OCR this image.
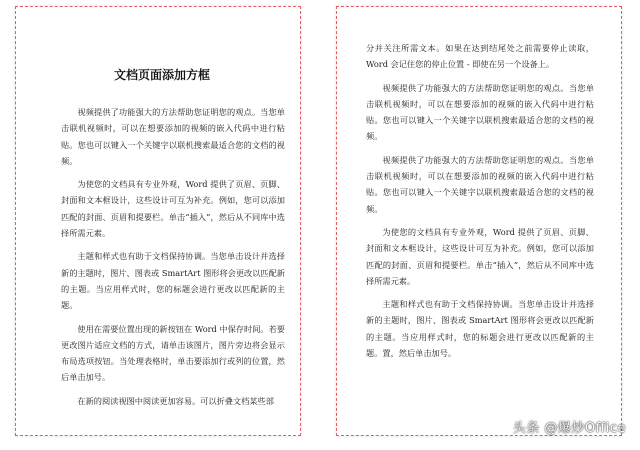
文档页面添加方框

视频提供了功能强大的方法帮助您证明您的观点。当您单击联机视频时，可以在想要添加的视频的嵌入代码中进行粘贴。您也可以键入一个关键字以联机搜索最适合您的文档的视频。

为使您的文档具有专业外观，Word 提供了页眉、页脚、封面和文本框设计，这些设计可互为补充。例如，您可以添加匹配的封面、页眉和提要栏。单击“插入”，然后从不同库中选择所需元素。

主题和样式也有助于文档保持协调。当您单击设计并选择新的主题时，图片、图表或 SmartArt 图形将会更改以匹配新的主题。当应用样式时，您的标题会进行更改以匹配新的主题。

使用在需要位置出现的新按钮在 Word 中保存时间。若要更改图片适应文档的方式，请单击该图片，图片旁边将会显示布局选项按钮。当处理表格时，单击要添加行或列的位置，然后单击加号。

在新的阅读视图中阅读更加容易。可以折叠文档某些部

分并关注所需文本。如果在达到结尾处之前需要停止读取，Word 会记住您的停止位置 - 即使在另一个设备上。

视频提供了功能强大的方法帮助您证明您的观点。当您单击联机视频时，可以在想要添加的视频的嵌入代码中进行粘贴。您也可以键入一个关键字以联机搜索最适合您的文档的视频。

视频提供了功能强大的方法帮助您证明您的观点。当您单击联机视频时，可以在想要添加的视频的嵌入代码中进行粘贴。您也可以键入一个关键字以联机搜索最适合您的文档的视频。

为使您的文档具有专业外观，Word 提供了页眉、页脚、封面和文本框设计，这些设计可互为补充。例如，您可以添加匹配的封面、页眉和提要栏。单击“插入”，然后从不同库中选择所需元素。

主题和样式也有助于文档保持协调。当您单击设计并选择新的主题时，图片、图表或 SmartArt 图形将会更改以匹配新的主题。当应用样式时，您的标题会进行更改以匹配新的主题。置，然后单击加号。

头条 @爆炒Office
